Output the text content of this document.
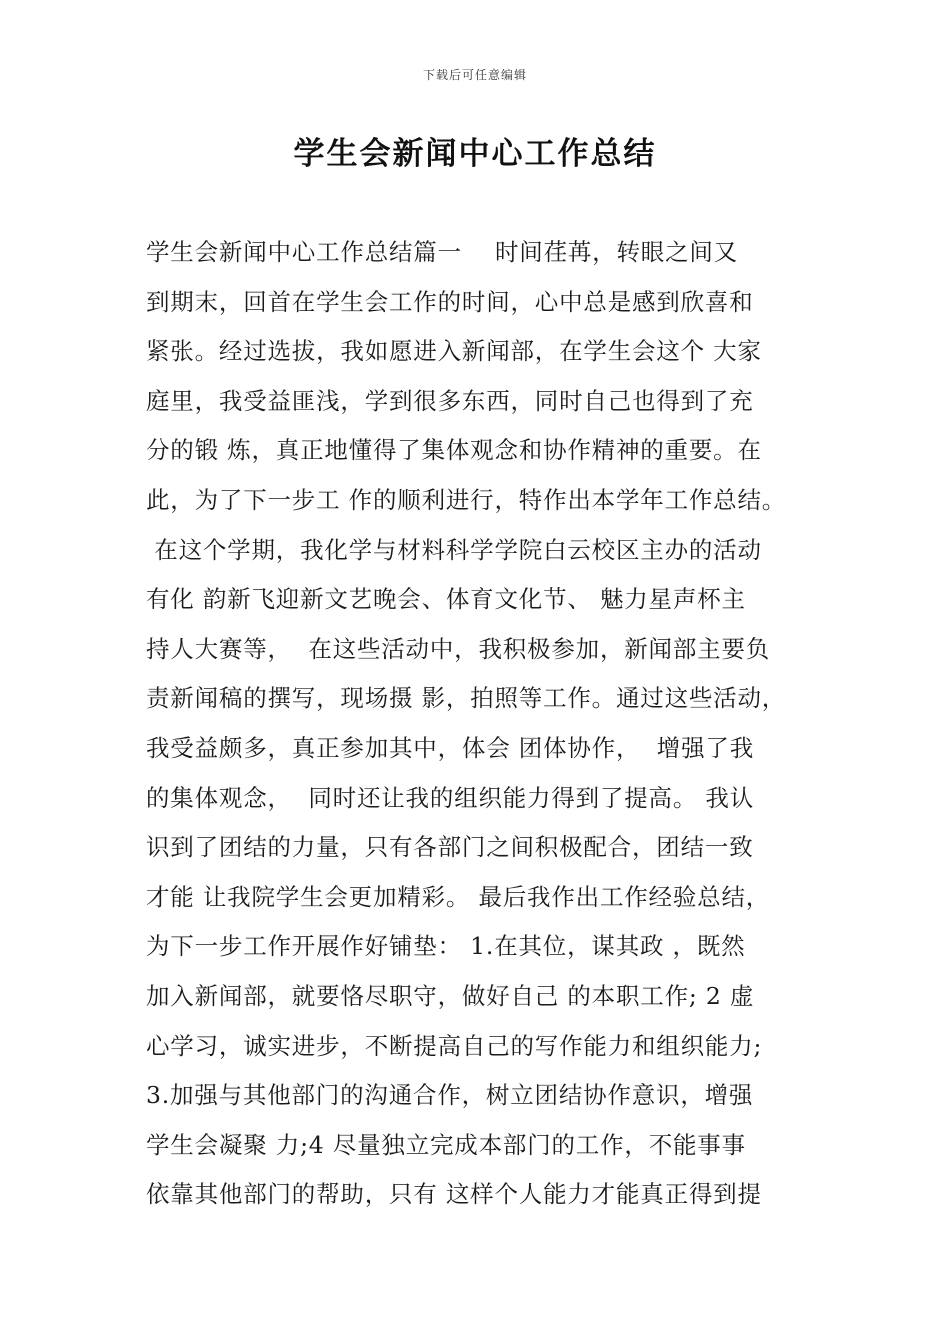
下载后可任意编辑
学生会新闻中心工作总结
学生会新闻中心工作总结篇一    时间荏苒，转眼之间又
到期末，回首在学生会工作的时间，心中总是感到欣喜和
紧张。经过选拔，我如愿进入新闻部，在学生会这个 大家
庭里，我受益匪浅，学到很多东西，同时自己也得到了充
分的锻 炼，真正地懂得了集体观念和协作精神的重要。在
此，为了下一步工 作的顺利进行，特作出本学年工作总结。
在这个学期，我化学与材料科学学院白云校区主办的活动
有化 韵新飞迎新文艺晚会、体育文化节、 魅力星声杯主
持人大赛等，  在这些活动中，我积极参加，新闻部主要负
责新闻稿的撰写，现场摄 影，拍照等工作。通过这些活动，
我受益颇多，真正参加其中，体会 团体协作，  增强了我
的集体观念，  同时还让我的组织能力得到了提高。 我认
识到了团结的力量，只有各部门之间积极配合，团结一致
才能 让我院学生会更加精彩。 最后我作出工作经验总结，
为下一步工作开展作好铺垫： 1.在其位，谋其政 ，既然
加入新闻部，就要恪尽职守，做好自己 的本职工作; 2 虚
心学习，诚实进步，不断提高自己的写作能力和组织能力;
3.加强与其他部门的沟通合作，树立团结协作意识，增强
学生会凝聚 力;4 尽量独立完成本部门的工作，不能事事
依靠其他部门的帮助，只有 这样个人能力才能真正得到提
